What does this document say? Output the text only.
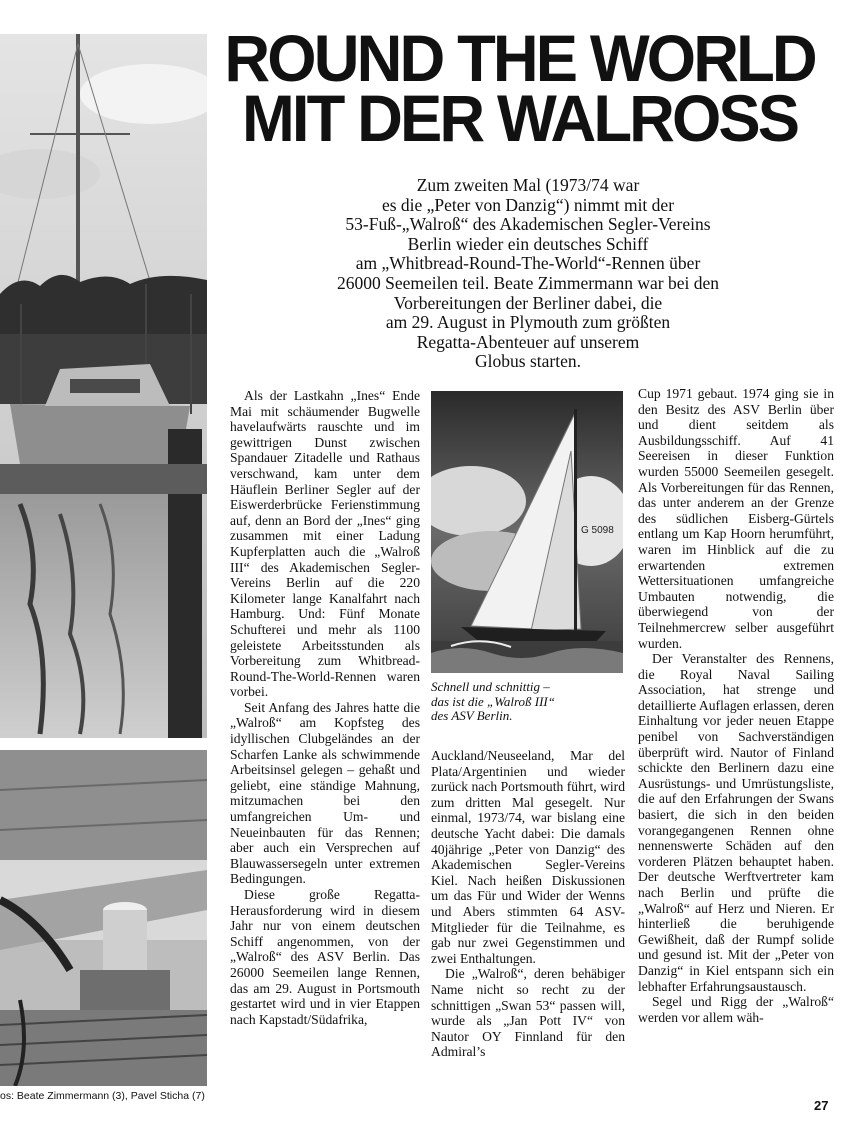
G 5098
ROUND THE WORLD
MIT DER WALROSS
Zum zweiten Mal (1973/74 war
es die „Peter von Danzig“) nimmt mit der
53-Fuß-„Walroß“ des Akademischen Segler-Vereins
Berlin wieder ein deutsches Schiff
am „Whitbread-Round-The-World“-Rennen über
26000 Seemeilen teil. Beate Zimmermann war bei den
Vorbereitungen der Berliner dabei, die
am 29. August in Plymouth zum größten
Regatta-Abenteuer auf unserem
Globus starten.

Als der Lastkahn „Ines“ Ende Mai mit schäumender Bugwelle havelaufwärts rauschte und im gewittrigen Dunst zwischen Spandauer Zitadelle und Rathaus verschwand, kam unter dem Häuflein Berliner Segler auf der Eiswerderbrücke Ferienstimmung auf, denn an Bord der „Ines“ ging zusammen mit einer Ladung Kupferplatten auch die „Walroß III“ des Akademischen Segler-Vereins Berlin auf die 220 Kilometer lange Kanalfahrt nach Hamburg. Und: Fünf Monate Schufterei und mehr als 1100 geleistete Arbeitsstunden als Vorbereitung zum Whitbread-Round-The-World-Rennen waren vorbei.

Seit Anfang des Jahres hatte die „Walroß“ am Kopfsteg des idyllischen Clubgeländes an der Scharfen Lanke als schwimmende Arbeitsinsel gelegen – gehaßt und geliebt, eine ständige Mahnung, mitzumachen bei den umfangreichen Um- und Neueinbauten für das Rennen; aber auch ein Versprechen auf Blauwassersegeln unter extremen Bedingungen.

Diese große Regatta-Herausforderung wird in diesem Jahr nur von einem deutschen Schiff angenommen, von der „Walroß“ des ASV Berlin. Das 26000 Seemeilen lange Rennen, das am 29. August in Portsmouth gestartet wird und in vier Etappen nach Kapstadt/Südafrika,

Schnell und schnittig –
das ist die „Walroß III“
des ASV Berlin.

Auckland/Neuseeland, Mar del Plata/Argentinien und wieder zurück nach Portsmouth führt, wird zum dritten Mal gesegelt. Nur einmal, 1973/74, war bislang eine deutsche Yacht dabei: Die damals 40jährige „Peter von Danzig“ des Akademischen Segler-Vereins Kiel. Nach heißen Diskussionen um das Für und Wider der Wenns und Abers stimmten 64 ASV-Mitglieder für die Teilnahme, es gab nur zwei Gegenstimmen und zwei Enthaltungen.

Die „Walroß“, deren behäbiger Name nicht so recht zu der schnittigen „Swan 53“ passen will, wurde als „Jan Pott IV“ von Nautor OY Finnland für den Admiral’s

Cup 1971 gebaut. 1974 ging sie in den Besitz des ASV Berlin über und dient seitdem als Ausbildungsschiff. Auf 41 Seereisen in dieser Funktion wurden 55000 Seemeilen gesegelt. Als Vorbereitungen für das Rennen, das unter anderem an der Grenze des südlichen Eisberg-Gürtels entlang um Kap Hoorn herumführt, waren im Hinblick auf die zu erwartenden extremen Wettersituationen umfangreiche Umbauten notwendig, die überwiegend von der Teilnehmercrew selber ausgeführt wurden.

Der Veranstalter des Rennens, die Royal Naval Sailing Association, hat strenge und detaillierte Auflagen erlassen, deren Einhaltung vor jeder neuen Etappe penibel von Sachverständigen überprüft wird. Nautor of Finland schickte den Berlinern dazu eine Ausrüstungs- und Umrüstungsliste, die auf den Erfahrungen der Swans basiert, die sich in den beiden vorangegangenen Rennen ohne nennenswerte Schäden auf den vorderen Plätzen behauptet haben. Der deutsche Werftvertreter kam nach Berlin und prüfte die „Walroß“ auf Herz und Nieren. Er hinterließ die beruhigende Gewißheit, daß der Rumpf solide und gesund ist. Mit der „Peter von Danzig“ in Kiel entspann sich ein lebhafter Erfahrungsaustausch.

Segel und Rigg der „Walroß“ werden vor allem wäh-

os: Beate Zimmermann (3), Pavel Sticha (7)
27
